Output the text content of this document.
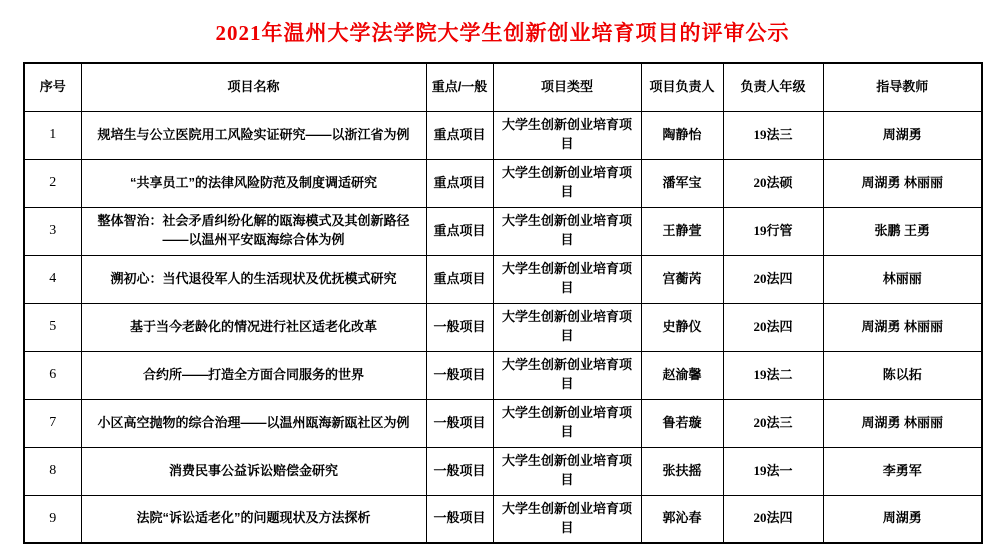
2021年温州大学法学院大学生创新创业培育项目的评审公示
序号	项目名称	重点/一般	项目类型	项目负责人	负责人年级	指导教师
1	规培生与公立医院用工风险实证研究——以浙江省为例	重点项目	大学生创新创业培育项目	陶静怡	19法三	周湖勇
2	“共享员工”的法律风险防范及制度调适研究	重点项目	大学生创新创业培育项目	潘军宝	20法硕	周湖勇 林丽丽
3	整体智治：社会矛盾纠纷化解的瓯海模式及其创新路径——以温州平安瓯海综合体为例	重点项目	大学生创新创业培育项目	王静萱	19行管	张鹏 王勇
4	溯初心：当代退役军人的生活现状及优抚模式研究	重点项目	大学生创新创业培育项目	宫蘅芮	20法四	林丽丽
5	基于当今老龄化的情况进行社区适老化改革	一般项目	大学生创新创业培育项目	史静仪	20法四	周湖勇 林丽丽
6	合约所——打造全方面合同服务的世界	一般项目	大学生创新创业培育项目	赵渝馨	19法二	陈以拓
7	小区高空抛物的综合治理——以温州瓯海新瓯社区为例	一般项目	大学生创新创业培育项目	鲁若璇	20法三	周湖勇 林丽丽
8	消费民事公益诉讼赔偿金研究	一般项目	大学生创新创业培育项目	张扶摇	19法一	李勇军
9	法院“诉讼适老化”的问题现状及方法探析	一般项目	大学生创新创业培育项目	郭沁春	20法四	周湖勇
